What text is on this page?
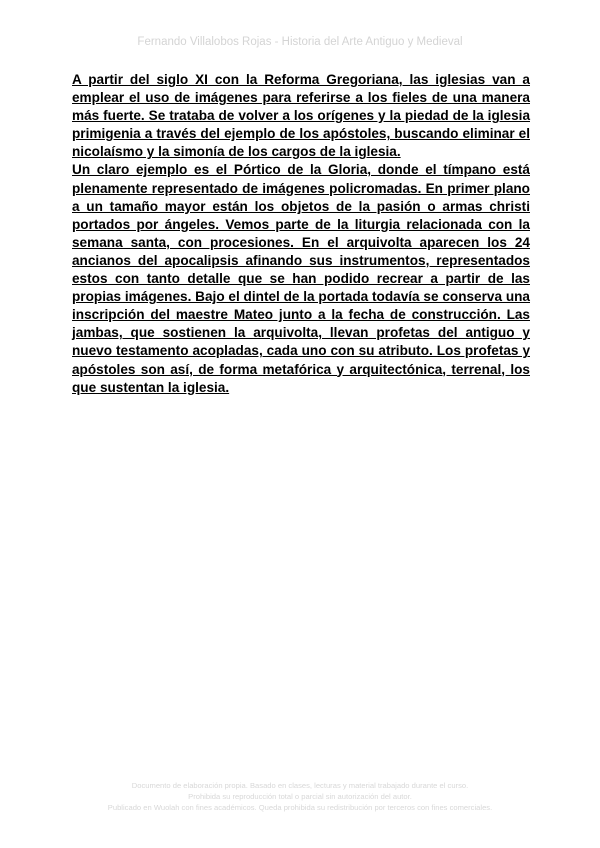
Fernando Villalobos Rojas - Historia del Arte Antiguo y Medieval

A partir del siglo XI con la Reforma Gregoriana, las iglesias van a emplear el uso de imágenes para referirse a los fieles de una manera más fuerte. Se trataba de volver a los orígenes y la piedad de la iglesia primigenia a través del ejemplo de los apóstoles, buscando eliminar el nicolaísmo y la simonía de los cargos de la iglesia.

Un claro ejemplo es el Pórtico de la Gloria, donde el tímpano está plenamente representado de imágenes policromadas. En primer plano a un tamaño mayor están los objetos de la pasión o armas christi portados por ángeles. Vemos parte de la liturgia relacionada con la semana santa, con procesiones. En el arquivolta aparecen los 24 ancianos del apocalipsis afinando sus instrumentos, representados estos con tanto detalle que se han podido recrear a partir de las propias imágenes. Bajo el dintel de la portada todavía se conserva una inscripción del maestre Mateo junto a la fecha de construcción. Las jambas, que sostienen la arquivolta, llevan profetas del antiguo y nuevo testamento acopladas, cada uno con su atributo. Los profetas y apóstoles son así, de forma metafórica y arquitectónica, terrenal, los que sustentan la iglesia.

Documento de elaboración propia. Basado en clases, lecturas y material trabajado durante el curso.
Prohibida su reproducción total o parcial sin autorización del autor.
Publicado en Wuolah con fines académicos. Queda prohibida su redistribución por terceros con fines comerciales.
